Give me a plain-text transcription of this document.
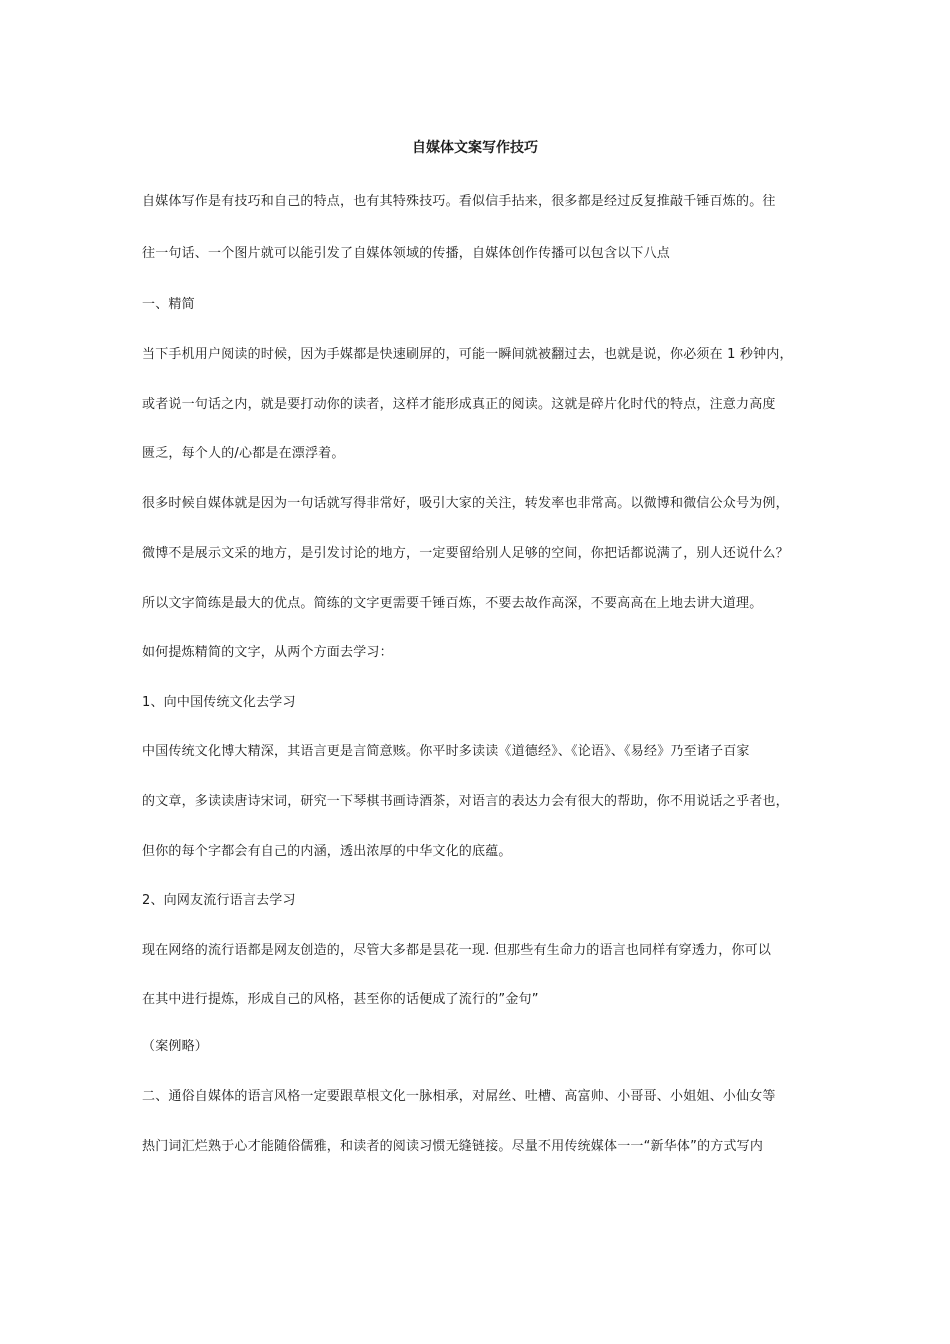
自媒体文案写作技巧
自媒体写作是有技巧和自己的特点，也有其特殊技巧。看似信手拈来，很多都是经过反复推敲千锤百炼的。往
往一句话、一个图片就可以能引发了自媒体领域的传播，自媒体创作传播可以包含以下八点
一、精简
当下手机用户阅读的时候，因为手媒都是快速刷屏的，可能一瞬间就被翻过去，也就是说，你必须在 1 秒钟内，
或者说一句话之内，就是要打动你的读者，这样才能形成真正的阅读。这就是碎片化时代的特点，注意力高度
匮乏，每个人的/心都是在漂浮着。
很多时候自媒体就是因为一句话就写得非常好，吸引大家的关注，转发率也非常高。以微博和微信公众号为例，
微博不是展示文采的地方，是引发讨论的地方，一定要留给别人足够的空间，你把话都说满了，别人还说什么？
所以文字简练是最大的优点。简练的文字更需要千锤百炼，不要去故作高深，不要高高在上地去讲大道理。
如何提炼精简的文字，从两个方面去学习：
1、向中国传统文化去学习
中国传统文化博大精深，其语言更是言简意赅。你平时多读读《道德经》、《论语》、《易经》乃至诸子百家
的文章，多读读唐诗宋词，研究一下琴棋书画诗酒茶，对语言的表达力会有很大的帮助，你不用说话之乎者也，
但你的每个字都会有自己的内涵，透出浓厚的中华文化的底蕴。
2、向网友流行语言去学习
现在网络的流行语都是网友创造的，尽管大多都是昙花一现. 但那些有生命力的语言也同样有穿透力，你可以
在其中进行提炼，形成自己的风格，甚至你的话便成了流行的”金句”
（案例略）
二、通俗自媒体的语言风格一定要跟草根文化一脉相承，对屌丝、吐槽、高富帅、小哥哥、小姐姐、小仙女等
热门词汇烂熟于心才能随俗儒雅，和读者的阅读习惯无缝链接。尽量不用传统媒体一一“新华体”的方式写内
